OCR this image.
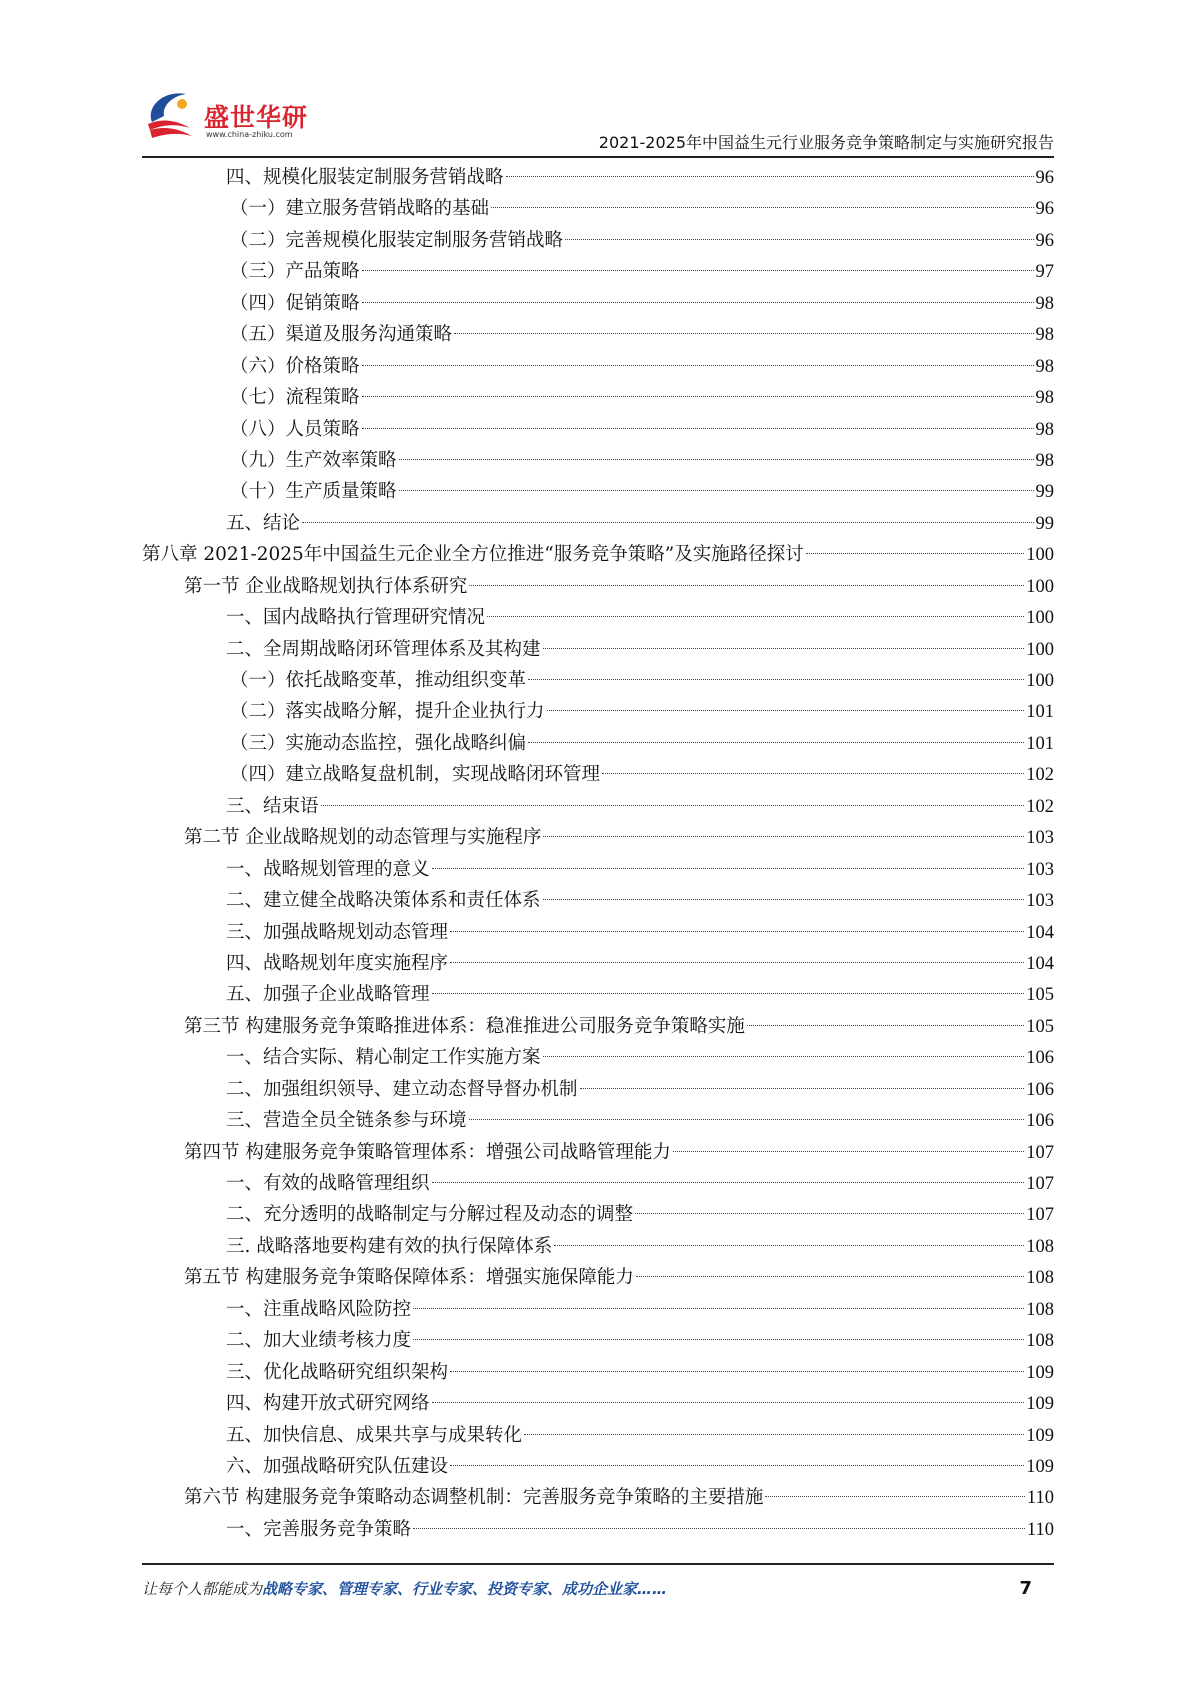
盛世华研
www.china-zhiku.com	2021-2025年中国益生元行业服务竞争策略制定与实施研究报告
四、规模化服装定制服务营销战略	96
（一）建立服务营销战略的基础	96
（二）完善规模化服装定制服务营销战略	96
（三）产品策略	97
（四）促销策略	98
（五）渠道及服务沟通策略	98
（六）价格策略	98
（七）流程策略	98
（八）人员策略	98
（九）生产效率策略	98
（十）生产质量策略	99
五、结论	99
第八章 2021-2025年中国益生元企业全方位推进“服务竞争策略”及实施路径探讨	100
第一节 企业战略规划执行体系研究	100
一、国内战略执行管理研究情况	100
二、全周期战略闭环管理体系及其构建	100
（一）依托战略变革，推动组织变革	100
（二）落实战略分解，提升企业执行力	101
（三）实施动态监控，强化战略纠偏	101
（四）建立战略复盘机制，实现战略闭环管理	102
三、结束语	102
第二节 企业战略规划的动态管理与实施程序	103
一、战略规划管理的意义	103
二、建立健全战略决策体系和责任体系	103
三、加强战略规划动态管理	104
四、战略规划年度实施程序	104
五、加强子企业战略管理	105
第三节 构建服务竞争策略推进体系：稳准推进公司服务竞争策略实施	105
一、结合实际、精心制定工作实施方案	106
二、加强组织领导、建立动态督导督办机制	106
三、营造全员全链条参与环境	106
第四节 构建服务竞争策略管理体系：增强公司战略管理能力	107
一、有效的战略管理组织	107
二、充分透明的战略制定与分解过程及动态的调整	107
三. 战略落地要构建有效的执行保障体系	108
第五节 构建服务竞争策略保障体系：增强实施保障能力	108
一、注重战略风险防控	108
二、加大业绩考核力度	108
三、优化战略研究组织架构	109
四、构建开放式研究网络	109
五、加快信息、成果共享与成果转化	109
六、加强战略研究队伍建设	109
第六节 构建服务竞争策略动态调整机制：完善服务竞争策略的主要措施	110
一、完善服务竞争策略	110
让每个人都能成为战略专家、管理专家、行业专家、投资专家、成功企业家……	7
